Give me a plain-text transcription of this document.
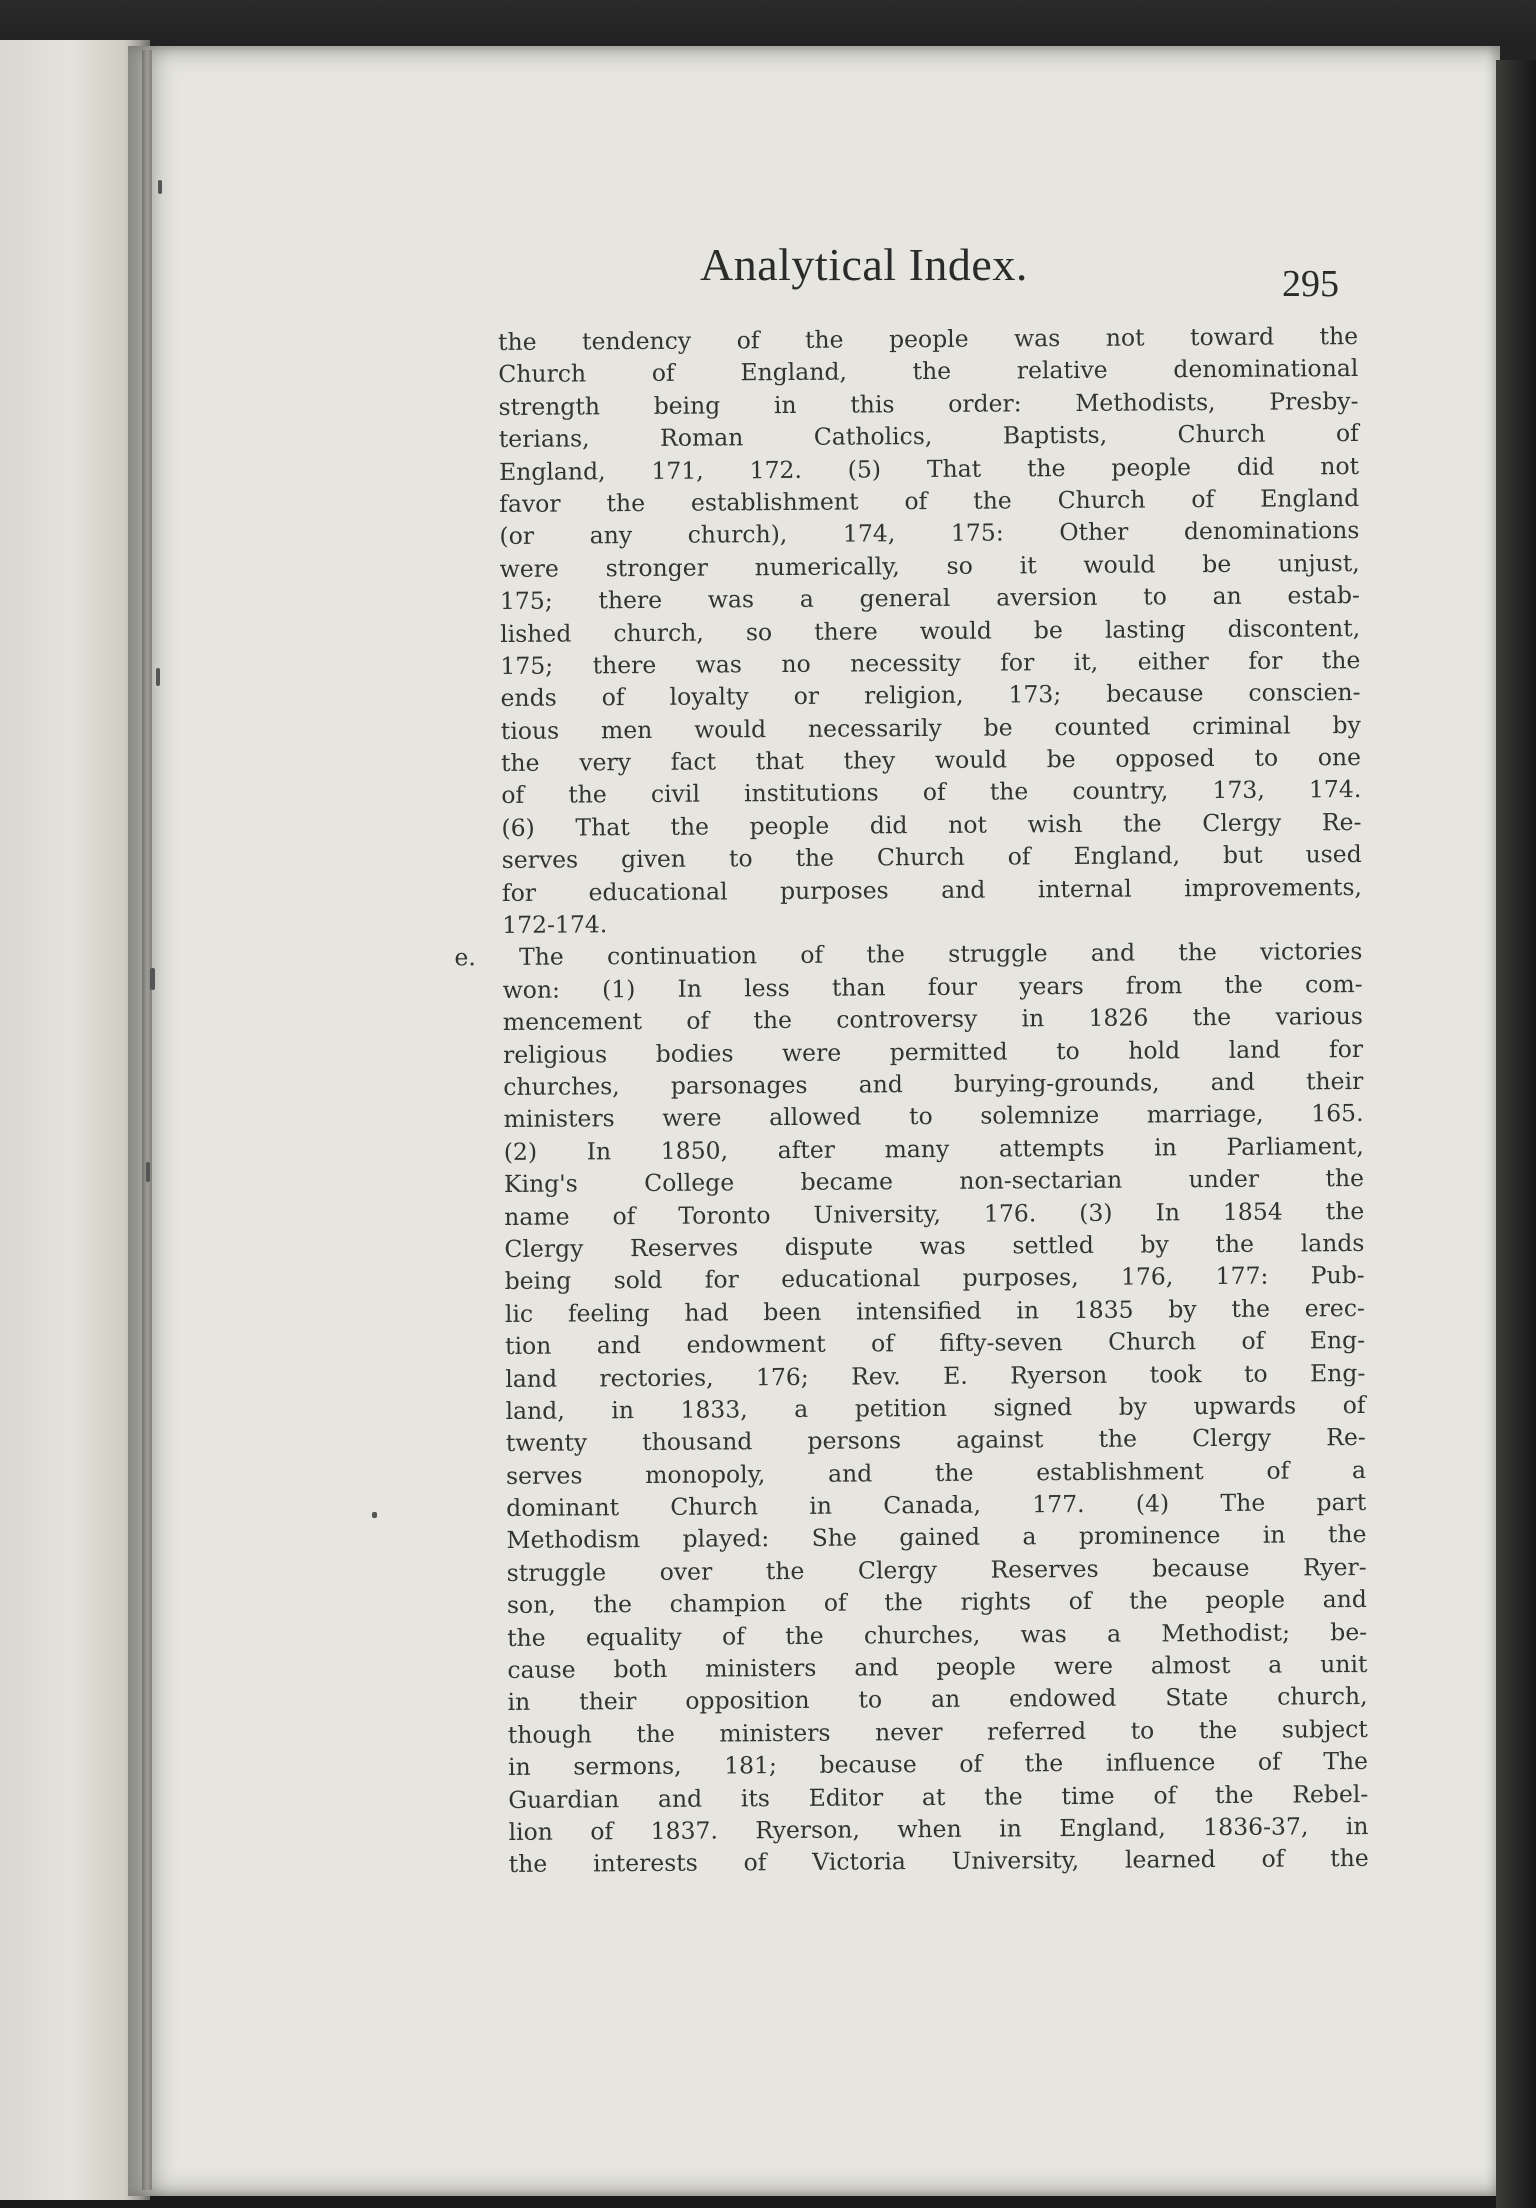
Analytical Index.	295
the tendency of the people was not toward the
Church of England, the relative denominational
strength being in this order: Methodists, Presby-
terians, Roman Catholics, Baptists, Church of
England, 171, 172. (5) That the people did not
favor the establishment of the Church of England
(or any church), 174, 175: Other denominations
were stronger numerically, so it would be unjust,
175; there was a general aversion to an estab-
lished church, so there would be lasting discontent,
175; there was no necessity for it, either for the
ends of loyalty or religion, 173; because conscien-
tious men would necessarily be counted criminal by
the very fact that they would be opposed to one
of the civil institutions of the country, 173, 174.
(6) That the people did not wish the Clergy Re-
serves given to the Church of England, but used
for educational purposes and internal improvements,
172-174.
e. The continuation of the struggle and the victories
won: (1) In less than four years from the com-
mencement of the controversy in 1826 the various
religious bodies were permitted to hold land for
churches, parsonages and burying-grounds, and their
ministers were allowed to solemnize marriage, 165.
(2) In 1850, after many attempts in Parliament,
King's College became non-sectarian under the
name of Toronto University, 176. (3) In 1854 the
Clergy Reserves dispute was settled by the lands
being sold for educational purposes, 176, 177: Pub-
lic feeling had been intensified in 1835 by the erec-
tion and endowment of fifty-seven Church of Eng-
land rectories, 176; Rev. E. Ryerson took to Eng-
land, in 1833, a petition signed by upwards of
twenty thousand persons against the Clergy Re-
serves monopoly, and the establishment of a
dominant Church in Canada, 177. (4) The part
Methodism played: She gained a prominence in the
struggle over the Clergy Reserves because Ryer-
son, the champion of the rights of the people and
the equality of the churches, was a Methodist; be-
cause both ministers and people were almost a unit
in their opposition to an endowed State church,
though the ministers never referred to the subject
in sermons, 181; because of the influence of The
Guardian and its Editor at the time of the Rebel-
lion of 1837. Ryerson, when in England, 1836-37, in
the interests of Victoria University, learned of the
